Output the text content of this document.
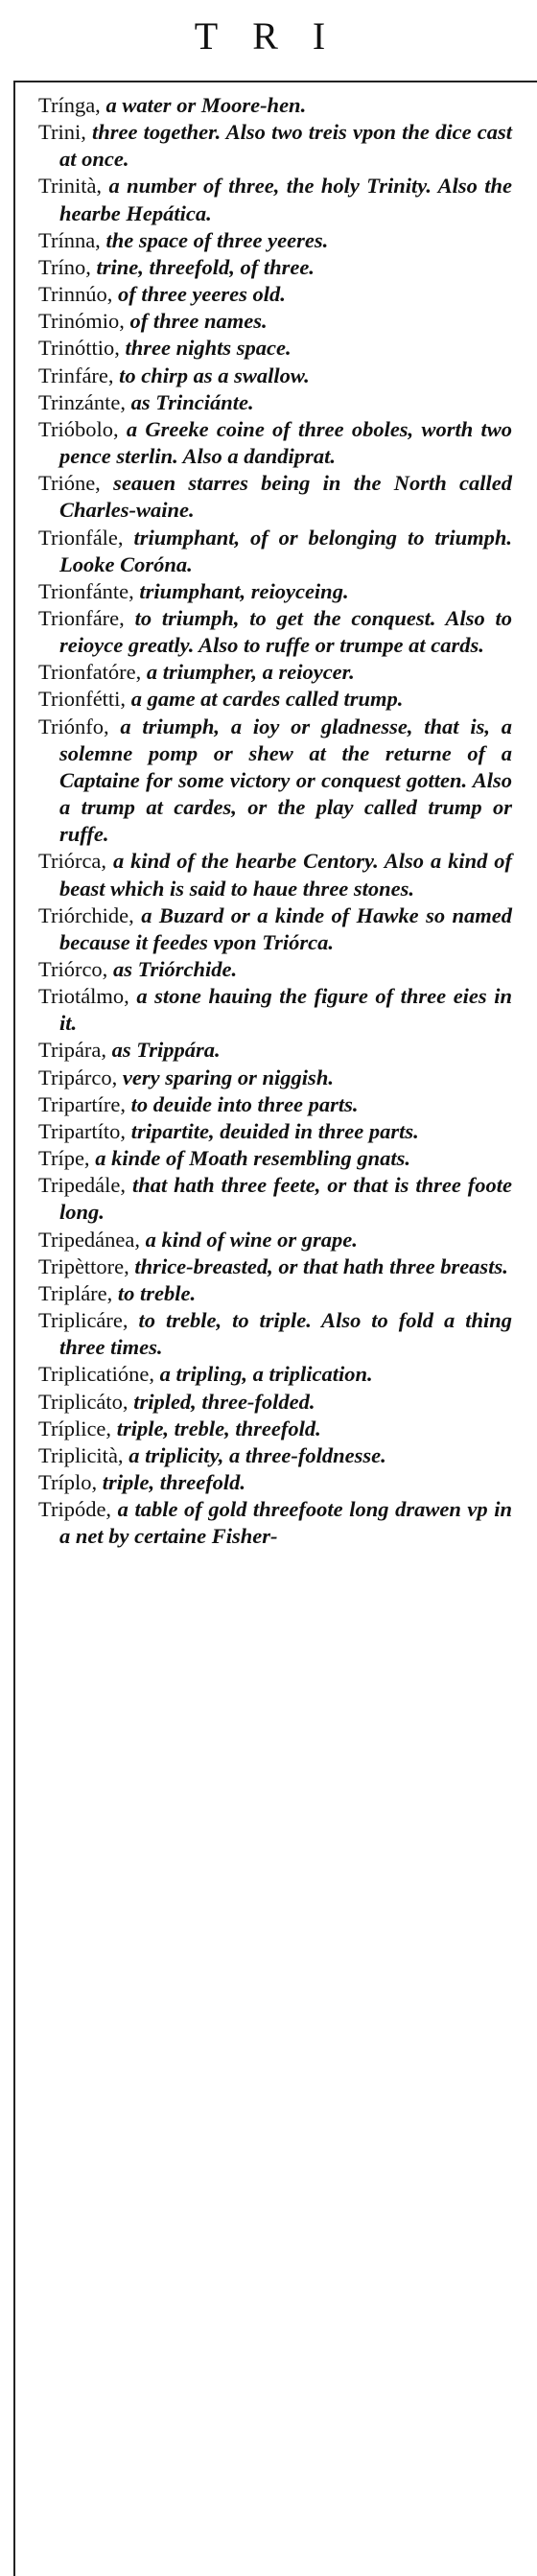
TRI
Trínga, a water or Moore-hen.
Trini, three together. Also two treis vpon the dice cast at once.
Trinità, a number of three, the holy Trinity. Also the hearbe Hepática.
Trínna, the space of three yeeres.
Tríno, trine, threefold, of three.
Trinnúo, of three yeeres old.
Trinómio, of three names.
Trinóttio, three nights space.
Trinfáre, to chirp as a swallow.
Trinzánte, as Trinciánte.
Trióbolo, a Greeke coine of three oboles, worth two pence sterlin. Also a dandiprat.
Trióne, seauen starres being in the North called Charles-waine.
Trionfále, triumphant, of or belonging to triumph. Looke Coróna.
Trionfánte, triumphant, reioyceing.
Trionfáre, to triumph, to get the conquest. Also to reioyce greatly. Also to ruffe or trumpe at cards.
Trionfatóre, a triumpher, a reioycer.
Trionfétti, a game at cardes called trump.
Triónfo, a triumph, a ioy or gladnesse, that is, a solemne pomp or shew at the returne of a Captaine for some victory or conquest gotten. Also a trump at cardes, or the play called trump or ruffe.
Triórca, a kind of the hearbe Centory. Also a kind of beast which is said to haue three stones.
Triórchide, a Buzard or a kinde of Hawke so named because it feedes vpon Triórca.
Triórco, as Triórchide.
Triotálmo, a stone hauing the figure of three eies in it.
Tripára, as Trippára.
Tripárco, very sparing or niggish.
Tripartíre, to deuide into three parts.
Tripartíto, tripartite, deuided in three parts.
Trípe, a kinde of Moath resembling gnats.
Tripedále, that hath three feete, or that is three foote long.
Tripedánea, a kind of wine or grape.
Tripèttore, thrice-breasted, or that hath three breasts.
Tripláre, to treble.
Triplicáre, to treble, to triple. Also to fold a thing three times.
Triplicatióne, a tripling, a triplication.
Triplicáto, tripled, three-folded.
Tríplice, triple, treble, threefold.
Triplicità, a triplicity, a three-foldnesse.
Tríplo, triple, threefold.
Tripóde, a table of gold threefoote long drawen vp in a net by certaine Fisher-
